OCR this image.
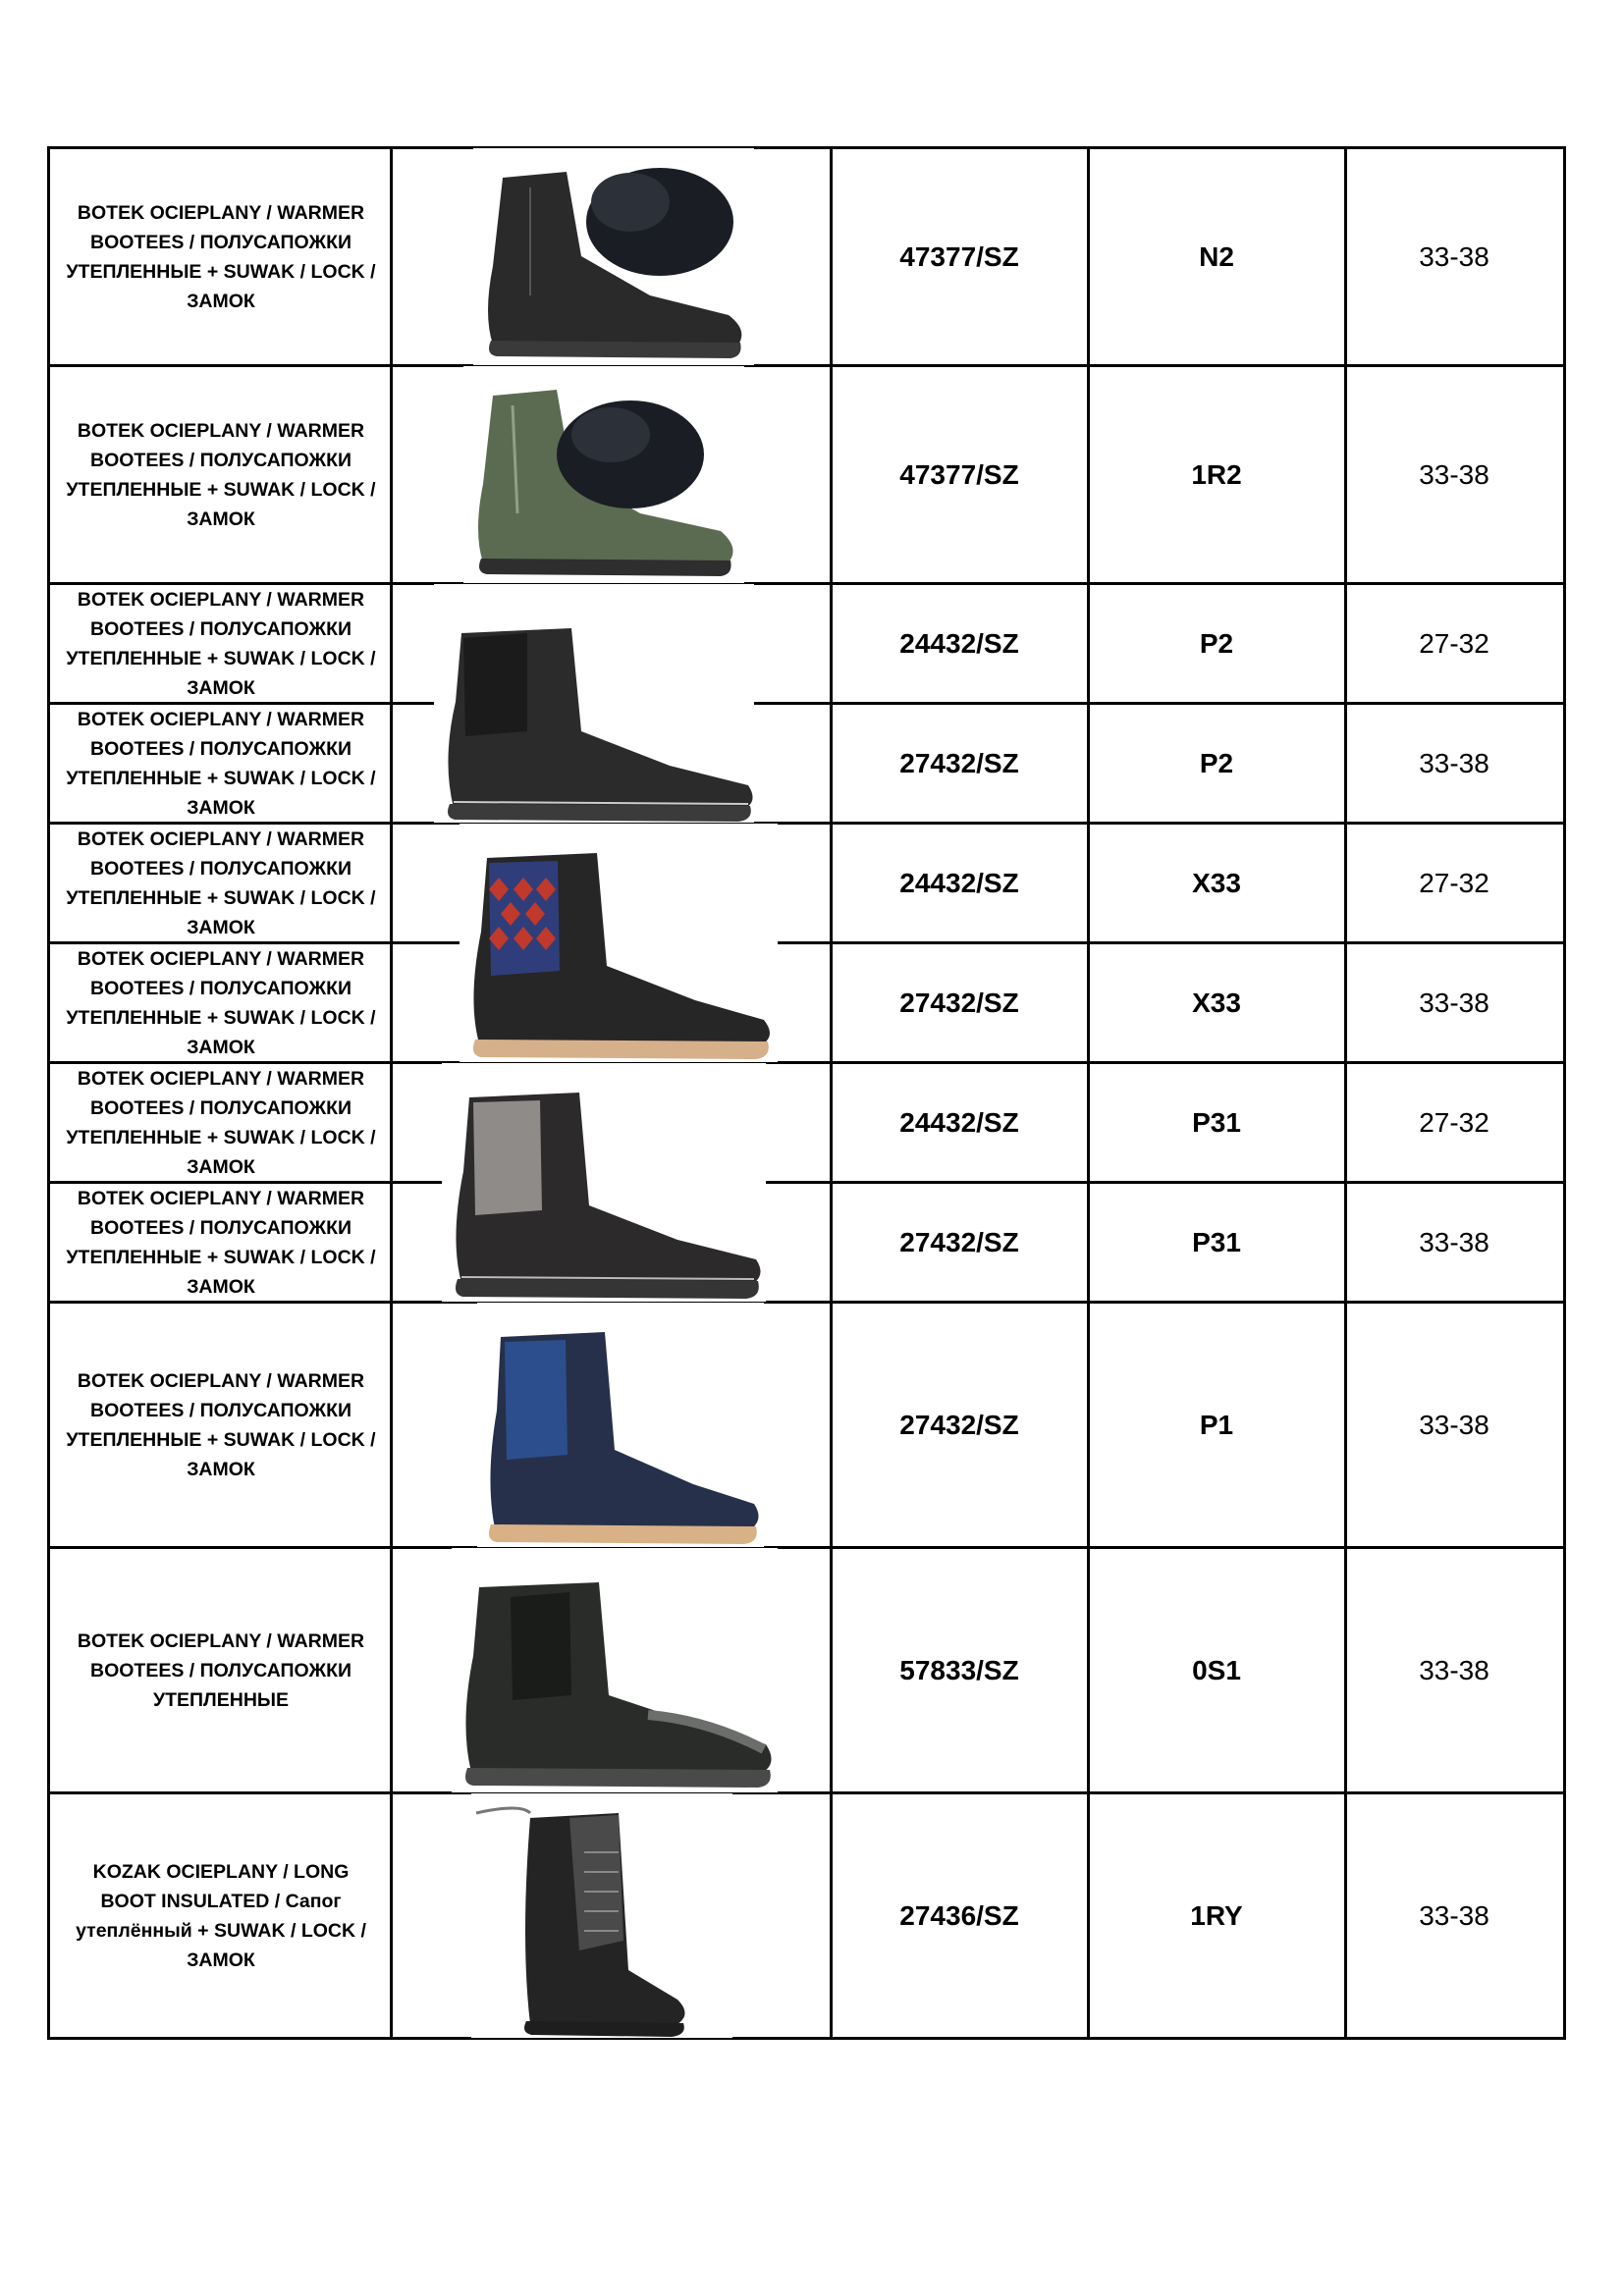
BOTEK OCIEPLANY / WARMER BOOTEES / ПОЛУСАПОЖКИ УТЕПЛЕННЫЕ + SUWAK / LOCK / ЗАМОК
47377/SZ	N2	33-38
BOTEK OCIEPLANY / WARMER BOOTEES / ПОЛУСАПОЖКИ УТЕПЛЕННЫЕ + SUWAK / LOCK / ЗАМОК
47377/SZ	1R2	33-38
BOTEK OCIEPLANY / WARMER BOOTEES / ПОЛУСАПОЖКИ УТЕПЛЕННЫЕ + SUWAK / LOCK / ЗАМОК
24432/SZ	P2	27-32
BOTEK OCIEPLANY / WARMER BOOTEES / ПОЛУСАПОЖКИ УТЕПЛЕННЫЕ + SUWAK / LOCK / ЗАМОК
27432/SZ	P2	33-38
BOTEK OCIEPLANY / WARMER BOOTEES / ПОЛУСАПОЖКИ УТЕПЛЕННЫЕ + SUWAK / LOCK / ЗАМОК
24432/SZ	X33	27-32
BOTEK OCIEPLANY / WARMER BOOTEES / ПОЛУСАПОЖКИ УТЕПЛЕННЫЕ + SUWAK / LOCK / ЗАМОК
27432/SZ	X33	33-38
BOTEK OCIEPLANY / WARMER BOOTEES / ПОЛУСАПОЖКИ УТЕПЛЕННЫЕ + SUWAK / LOCK / ЗАМОК
24432/SZ	P31	27-32
BOTEK OCIEPLANY / WARMER BOOTEES / ПОЛУСАПОЖКИ УТЕПЛЕННЫЕ + SUWAK / LOCK / ЗАМОК
27432/SZ	P31	33-38
BOTEK OCIEPLANY / WARMER BOOTEES / ПОЛУСАПОЖКИ УТЕПЛЕННЫЕ + SUWAK / LOCK / ЗАМОК
27432/SZ	P1	33-38
BOTEK OCIEPLANY / WARMER BOOTEES / ПОЛУСАПОЖКИ УТЕПЛЕННЫЕ
57833/SZ	0S1	33-38
KOZAK OCIEPLANY / LONG BOOT INSULATED / Сапог утеплённый + SUWAK / LOCK / ЗАМОК
27436/SZ	1RY	33-38
